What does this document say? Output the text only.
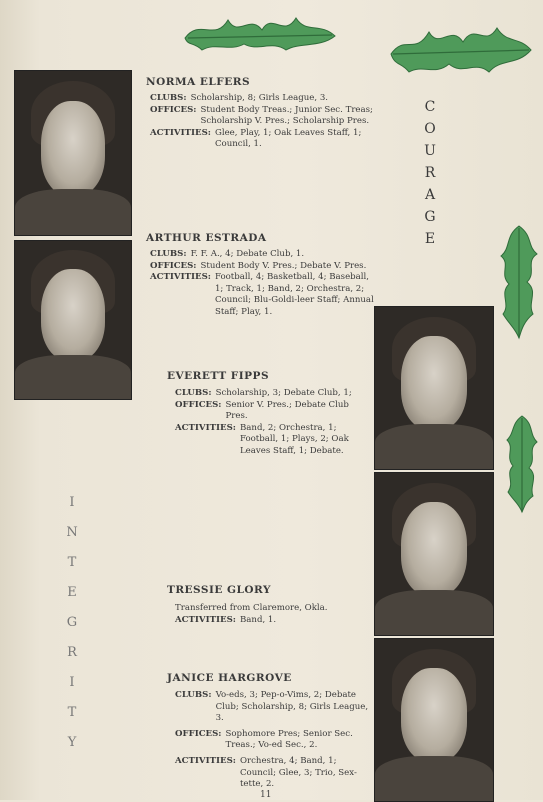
C
O
U
R
A
G
E
I
N
T
E
G
R
I
T
Y
NORMA ELFERS
CLUBS: Scholarship, 8; Girls League, 3.
OFFICES: Student Body Treas.; Junior Sec. Treas; Scholarship V. Pres.; Scholarship Pres.
ACTIVITIES: Glee, Play, 1; Oak Leaves Staff, 1; Council, 1.
ARTHUR ESTRADA
CLUBS: F. F. A., 4; Debate Club, 1.
OFFICES: Student Body V. Pres.; Debate V. Pres.
ACTIVITIES: Football, 4; Basketball, 4; Baseball, 1; Track, 1; Band, 2; Orchestra, 2; Council; Blu-Goldi-leer Staff; Annual Staff; Play, 1.
EVERETT FIPPS
CLUBS: Scholarship, 3; Debate Club, 1;
OFFICES: Senior V. Pres.; Debate Club Pres.
ACTIVITIES: Band, 2; Orchestra, 1; Football, 1; Plays, 2; Oak Leaves Staff, 1; Debate.
TRESSIE GLORY
Transferred from Claremore, Okla.
ACTIVITIES: Band, 1.
JANICE HARGROVE
CLUBS: Vo-eds, 3; Pep-o-Vims, 2; Debate Club; Scholarship, 8; Girls League, 3.
OFFICES: Sophomore Pres; Senior Sec. Treas.; Vo-ed Sec., 2.
ACTIVITIES: Orchestra, 4; Band, 1; Council; Glee, 3; Trio, Sex-tette, 2.
11
